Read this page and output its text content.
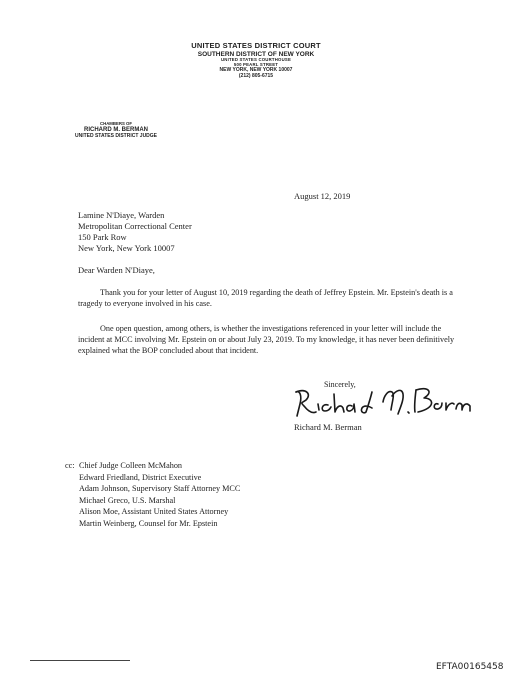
UNITED STATES DISTRICT COURT
SOUTHERN DISTRICT OF NEW YORK
UNITED STATES COURTHOUSE
500 PEARL STREET
NEW YORK, NEW YORK 10007
(212) 805-6715
CHAMBERS OF
RICHARD M. BERMAN
UNITED STATES DISTRICT JUDGE
August 12, 2019
Lamine N'Diaye, Warden
Metropolitan Correctional Center
150 Park Row
New York, New York 10007
Dear Warden N'Diaye,
Thank you for your letter of August 10, 2019 regarding the death of Jeffrey Epstein. Mr. Epstein's death is a tragedy to everyone involved in his case.
One open question, among others, is whether the investigations referenced in your letter will include the incident at MCC involving Mr. Epstein on or about July 23, 2019. To my knowledge, it has never been definitively explained what the BOP concluded about that incident.
Sincerely,
Richard M. Berman
cc: Chief Judge Colleen McMahon
Edward Friedland, District Executive
Adam Johnson, Supervisory Staff Attorney MCC
Michael Greco, U.S. Marshal
Alison Moe, Assistant United States Attorney
Martin Weinberg, Counsel for Mr. Epstein
EFTA00165458
